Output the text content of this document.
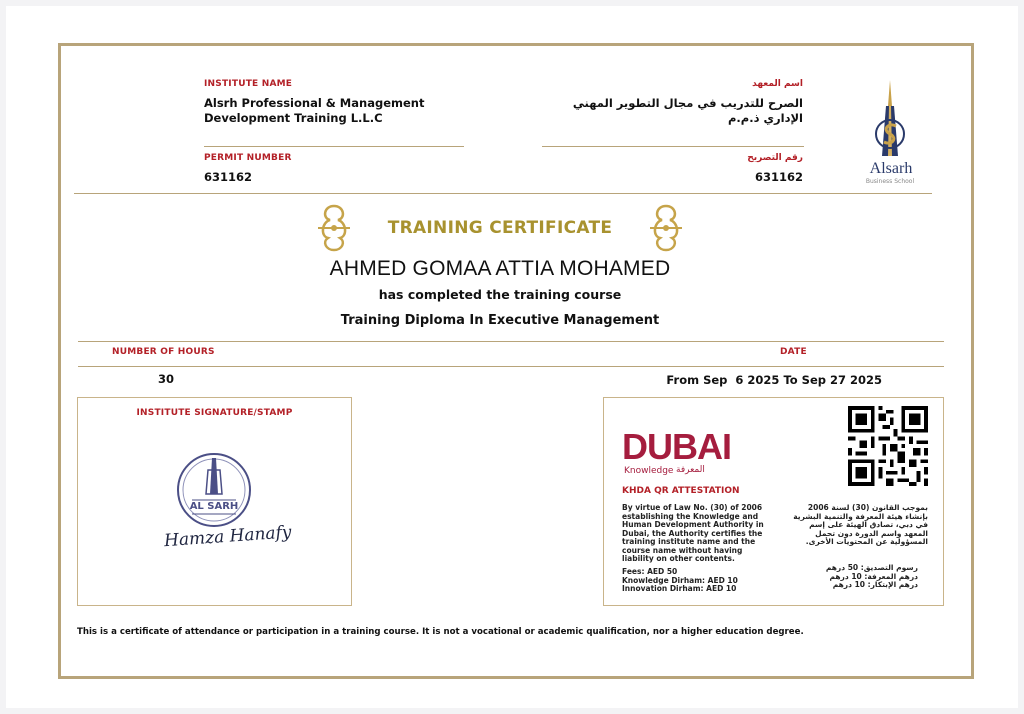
INSTITUTE NAME
Alsrh Professional & Management
Development Training L.L.C
اسم المعهد
الصرح للتدريب في مجال التطوير المهني
الإداري ذ.م.م
PERMIT NUMBER
631162
رقم التصريح
631162	Alsarh
Business School
TRAINING CERTIFICATE
AHMED GOMAA ATTIA MOHAMED
has completed the training course
Training Diploma In Executive Management
NUMBER OF HOURS	DATE
30	From Sep  6 2025 To Sep 27 2025
INSTITUTE SIGNATURE/STAMP
AL SARH
Hamza Hanafy
DUBAI
Knowledge المعرفة
KHDA QR ATTESTATION
By virtue of Law No. (30) of 2006 establishing the Knowledge and Human Development Authority in Dubai, the Authority certifies the training institute name and the course name without having liability on other contents.
بموجب القانون (30) لسنة 2006 بإنشاء هيئة المعرفة والتنمية البشرية في دبي، تصادق الهيئة على إسم المعهد واسم الدورة دون تحمل المسؤولية عن المحتويات الأخرى.
Fees: AED 50
Knowledge Dirham: AED 10
Innovation Dirham: AED 10
رسوم التصديق: 50 درهم
درهم المعرفة: 10 درهم
درهم الإبتكار: 10 درهم
This is a certificate of attendance or participation in a training course. It is not a vocational or academic qualification, nor a higher education degree.
